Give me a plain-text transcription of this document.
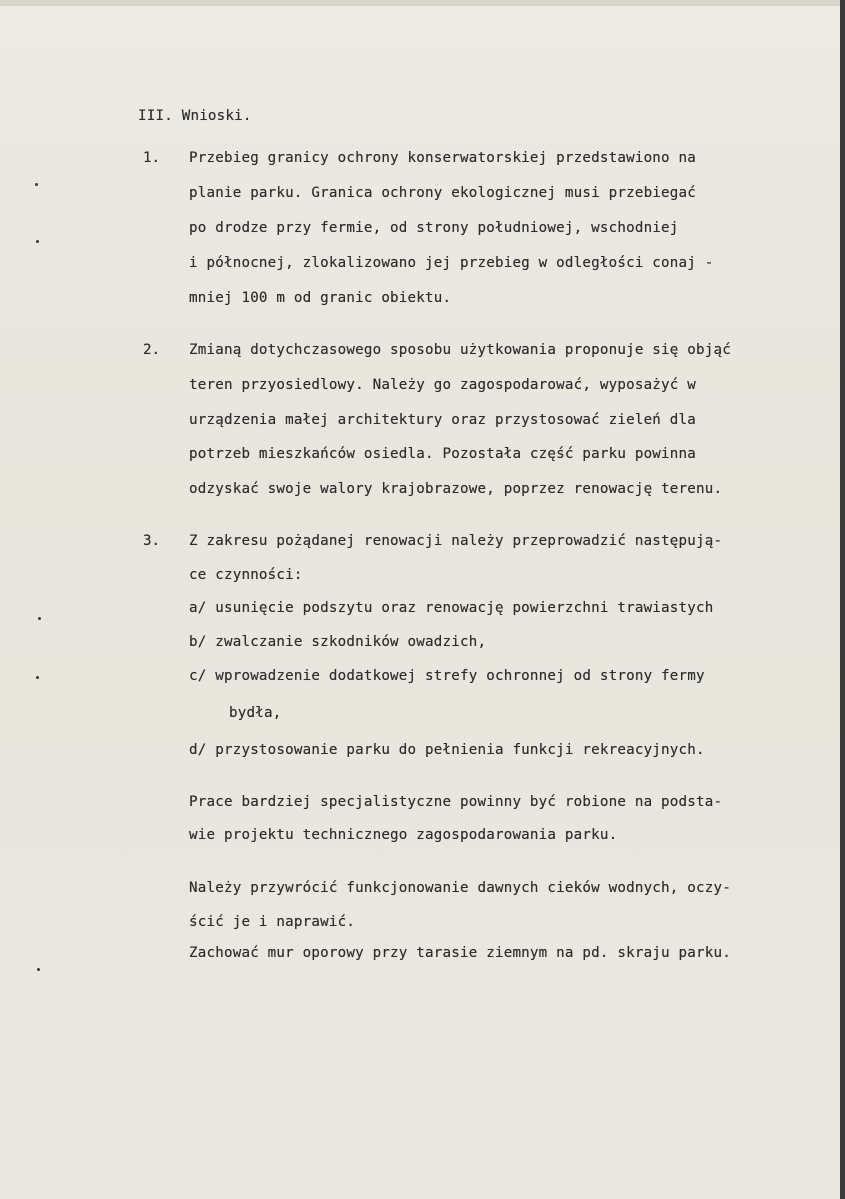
III. Wnioski.
1. Przebieg granicy ochrony konserwatorskiej przedstawiono na
planie parku. Granica ochrony ekologicznej musi przebiegać
po drodze przy fermie, od strony południowej, wschodniej
i północnej, zlokalizowano jej przebieg w odległości conaj -
mniej 100 m od granic obiektu.
2. Zmianą dotychczasowego sposobu użytkowania proponuje się objąć
teren przyosiedlowy. Należy go zagospodarować, wyposażyć w
urządzenia małej architektury oraz przystosować zieleń dla
potrzeb mieszkańców osiedla. Pozostała część parku powinna
odzyskać swoje walory krajobrazowe, poprzez renowację terenu.
3. Z zakresu pożądanej renowacji należy przeprowadzić następują-
ce czynności:
a/ usunięcie podszytu oraz renowację powierzchni trawiastych
b/ zwalczanie szkodników owadzich,
c/ wprowadzenie dodatkowej strefy ochronnej od strony fermy
bydła,
d/ przystosowanie parku do pełnienia funkcji rekreacyjnych.
Prace bardziej specjalistyczne powinny być robione na podsta-
wie projektu technicznego zagospodarowania parku.
Należy przywrócić funkcjonowanie dawnych cieków wodnych, oczy-
ścić je i naprawić.
Zachować mur oporowy przy tarasie ziemnym na pd. skraju parku.
